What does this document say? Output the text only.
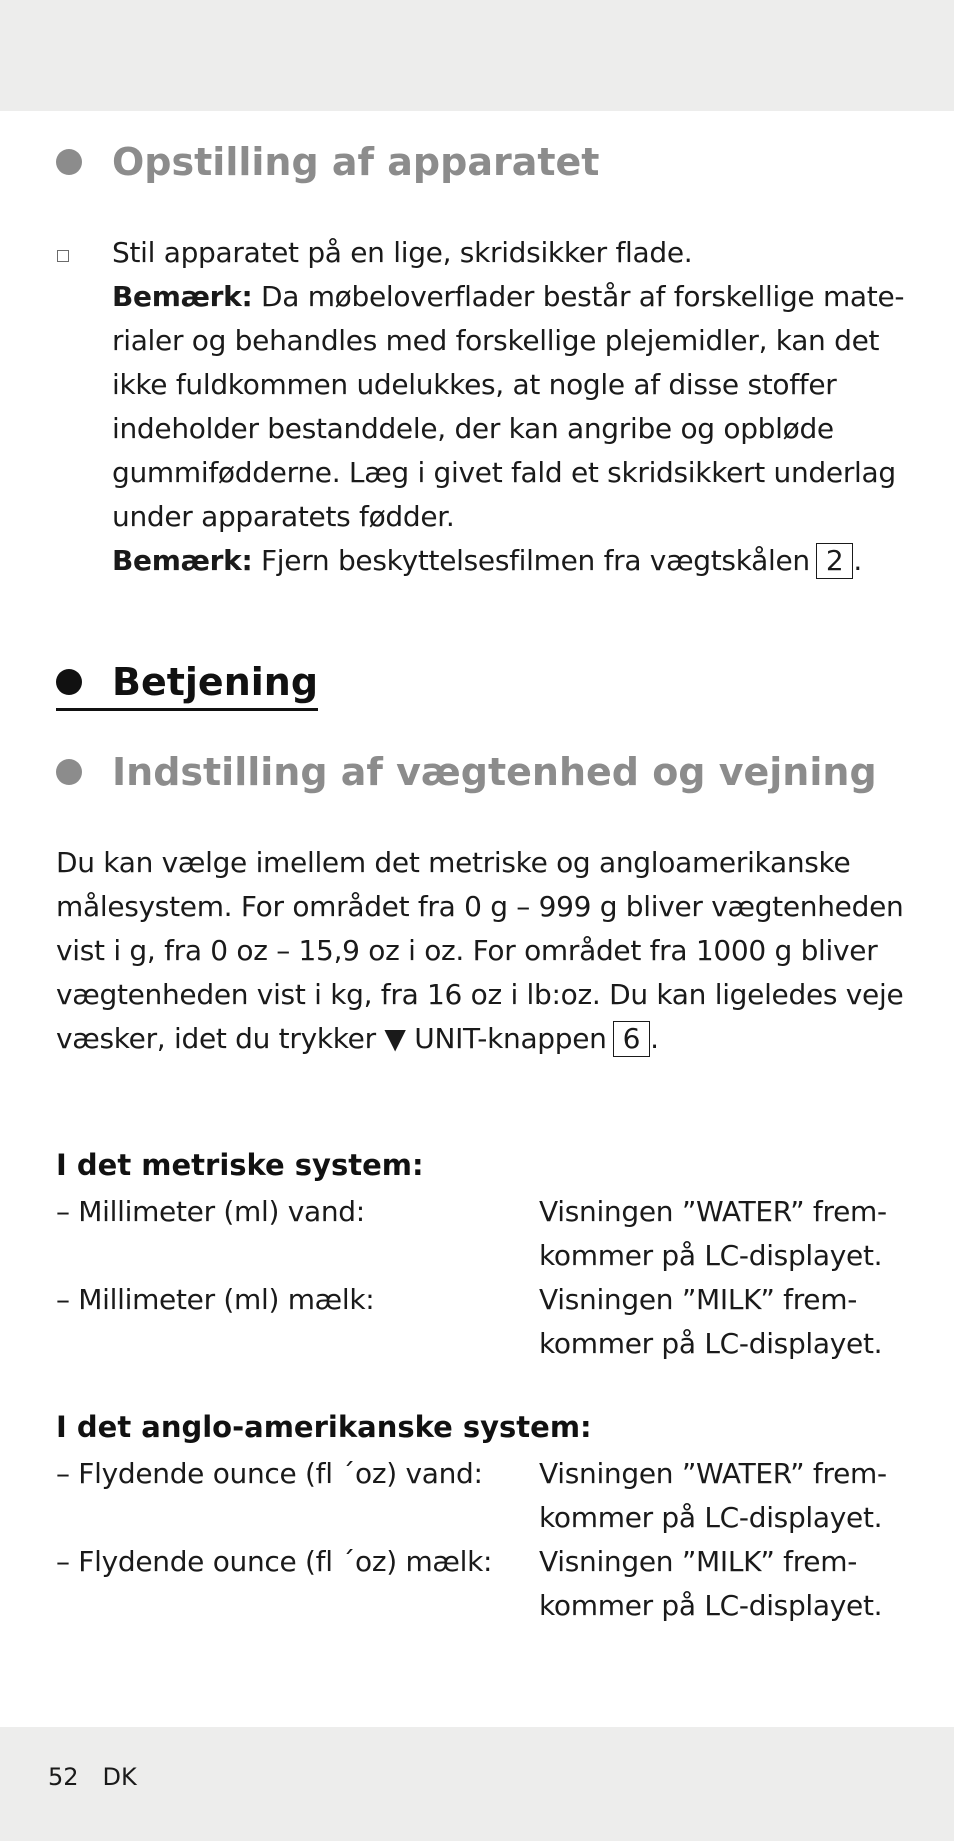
Opstilling af apparatet
Stil apparatet på en lige, skridsikker flade.
Bemærk: Da møbeloverflader består af forskellige mate-rialer og behandles med forskellige plejemidler, kan det ikke fuldkommen udelukkes, at nogle af disse stoffer indeholder bestanddele, der kan angribe og opbløde gummifødderne. Læg i givet fald et skridsikkert underlag under apparatets fødder.
Bemærk: Fjern beskyttelsesfilmen fra vægtskålen 2 .
Betjening
Indstilling af vægtenhed og vejning
Du kan vælge imellem det metriske og angloamerikanske målesystem. For området fra 0 g – 999 g bliver vægtenheden vist i g, fra 0 oz – 15,9 oz i oz. For området fra 1000 g bliver vægtenheden vist i kg, fra 16 oz i lb:oz. Du kan ligeledes veje væsker, idet du trykker ▼ UNIT-knappen 6 .
I det metriske system:
– Millimeter (ml) vand:	Visningen ”WATER” frem-kommer på LC-displayet.
– Millimeter (ml) mælk:	Visningen ”MILK” frem-kommer på LC-displayet.
I det anglo-amerikanske system:
– Flydende ounce (fl ´oz) vand: Visningen ”WATER” frem-kommer på LC-displayet.
– Flydende ounce (fl ´oz) mælk: Visningen ”MILK” frem-kommer på LC-displayet.
52 DK
